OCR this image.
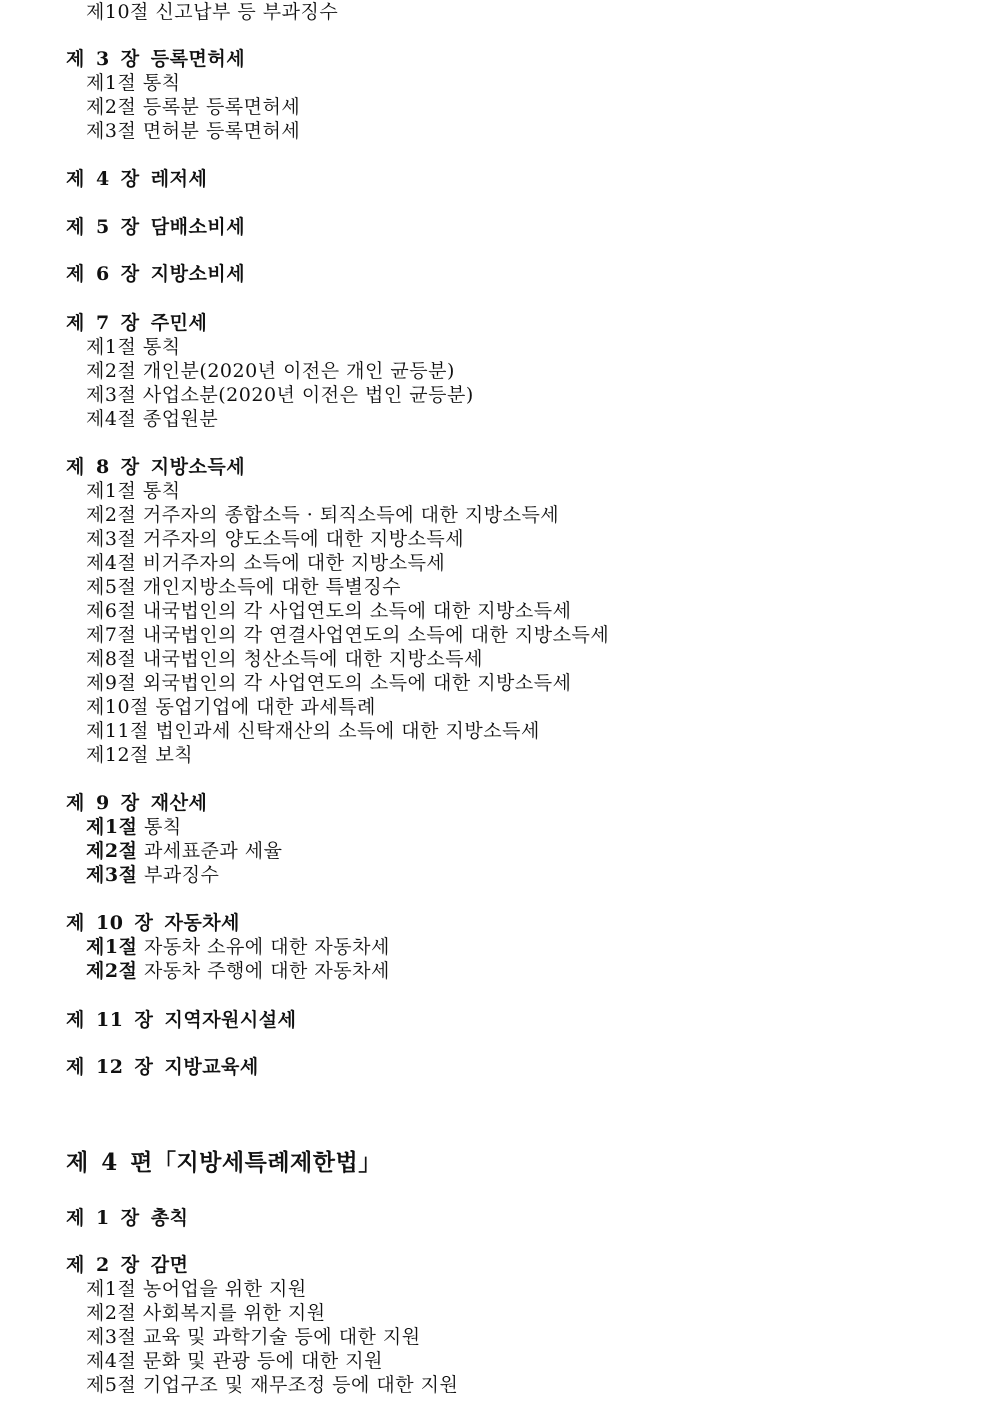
제10절 신고납부 등 부과징수
제 3 장 등록면허세
제1절 통칙
제2절 등록분 등록면허세
제3절 면허분 등록면허세
제 4 장 레저세
제 5 장 담배소비세
제 6 장 지방소비세
제 7 장 주민세
제1절 통칙
제2절 개인분(2020년 이전은 개인 균등분)
제3절 사업소분(2020년 이전은 법인 균등분)
제4절 종업원분
제 8 장 지방소득세
제1절 통칙
제2절 거주자의 종합소득 · 퇴직소득에 대한 지방소득세
제3절 거주자의 양도소득에 대한 지방소득세
제4절 비거주자의 소득에 대한 지방소득세
제5절 개인지방소득에 대한 특별징수
제6절 내국법인의 각 사업연도의 소득에 대한 지방소득세
제7절 내국법인의 각 연결사업연도의 소득에 대한 지방소득세
제8절 내국법인의 청산소득에 대한 지방소득세
제9절 외국법인의 각 사업연도의 소득에 대한 지방소득세
제10절 동업기업에 대한 과세특례
제11절 법인과세 신탁재산의 소득에 대한 지방소득세
제12절 보칙
제 9 장 재산세
제1절 통칙
제2절 과세표준과 세율
제3절 부과징수
제 10 장 자동차세
제1절 자동차 소유에 대한 자동차세
제2절 자동차 주행에 대한 자동차세
제 11 장 지역자원시설세
제 12 장 지방교육세
제 4 편「지방세특례제한법」
제 1 장 총칙
제 2 장 감면
제1절 농어업을 위한 지원
제2절 사회복지를 위한 지원
제3절 교육 및 과학기술 등에 대한 지원
제4절 문화 및 관광 등에 대한 지원
제5절 기업구조 및 재무조정 등에 대한 지원
